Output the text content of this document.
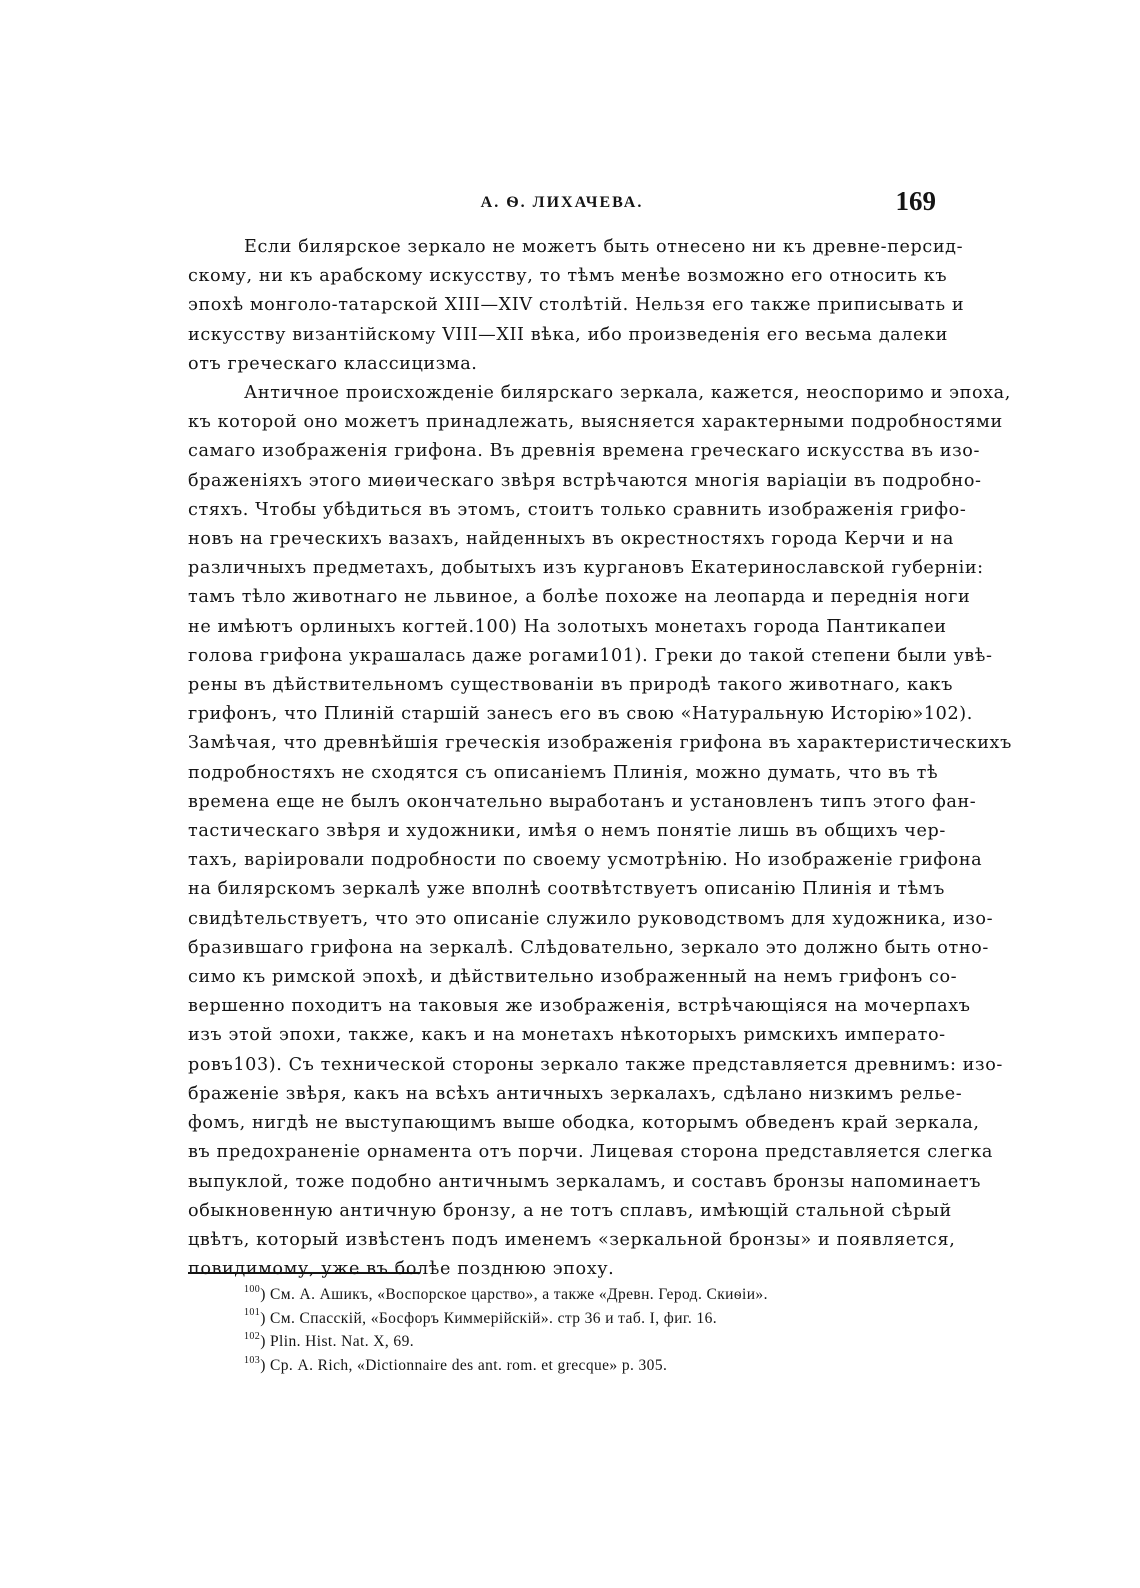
А. Ѳ. ЛИХАЧЕВА.	169
Если билярское зеркало не можетъ быть отнесено ни къ древне-персид-
скому, ни къ арабскому искусству, то тѣмъ менѣе возможно его относить къ
эпохѣ монголо-татарской XIII—XIV столѣтій. Нельзя его также приписывать и
искусству византійскому VIII—XII вѣка, ибо произведенія его весьма далеки
отъ греческаго классицизма.
Античное происхожденіе билярскаго зеркала, кажется, неоспоримо и эпоха,
къ которой оно можетъ принадлежать, выясняется характерными подробностями
самаго изображенія грифона. Въ древнія времена греческаго искусства въ изо-
браженіяхъ этого миѳическаго звѣря встрѣчаются многія варіаціи въ подробно-
стяхъ. Чтобы убѣдиться въ этомъ, стоитъ только сравнить изображенія грифо-
новъ на греческихъ вазахъ, найденныхъ въ окрестностяхъ города Керчи и на
различныхъ предметахъ, добытыхъ изъ кургановъ Екатеринославской губерніи:
тамъ тѣло животнаго не львиное, а болѣе похоже на леопарда и переднія ноги
не имѣютъ орлиныхъ когтей.100) На золотыхъ монетахъ города Пантикапеи
голова грифона украшалась даже рогами101). Греки до такой степени были увѣ-
рены въ дѣйствительномъ существованіи въ природѣ такого животнаго, какъ
грифонъ, что Плиній старшій занесъ его въ свою «Натуральную Исторію»102).
Замѣчая, что древнѣйшія греческія изображенія грифона въ характеристическихъ
подробностяхъ не сходятся съ описаніемъ Плинія, можно думать, что въ тѣ
времена еще не былъ окончательно выработанъ и установленъ типъ этого фан-
тастическаго звѣря и художники, имѣя о немъ понятіе лишь въ общихъ чер-
тахъ, варіировали подробности по своему усмотрѣнію. Но изображеніе грифона
на билярскомъ зеркалѣ уже вполнѣ соотвѣтствуетъ описанію Плинія и тѣмъ
свидѣтельствуетъ, что это описаніе служило руководствомъ для художника, изо-
бразившаго грифона на зеркалѣ. Слѣдовательно, зеркало это должно быть отно-
симо къ римской эпохѣ, и дѣйствительно изображенный на немъ грифонъ со-
вершенно походитъ на таковыя же изображенія, встрѣчающіяся на мочерпахъ
изъ этой эпохи, также, какъ и на монетахъ нѣкоторыхъ римскихъ императо-
ровъ103). Съ технической стороны зеркало также представляется древнимъ: изо-
браженіе звѣря, какъ на всѣхъ античныхъ зеркалахъ, сдѣлано низкимъ релье-
фомъ, нигдѣ не выступающимъ выше ободка, которымъ обведенъ край зеркала,
въ предохраненіе орнамента отъ порчи. Лицевая сторона представляется слегка
выпуклой, тоже подобно античнымъ зеркаламъ, и составъ бронзы напоминаетъ
обыкновенную античную бронзу, а не тотъ сплавъ, имѣющій стальной сѣрый
цвѣтъ, который извѣстенъ подъ именемъ «зеркальной бронзы» и появляется,
повидимому, уже въ болѣе позднюю эпоху.
$^{100}$) См. А. Ашикъ, «Воспорское царство», а также «Древн. Герод. Скиѳіи».
$^{101}$) См. Спасскій, «Босфоръ Киммерійскій». стр 36 и таб. I, фиг. 16.
$^{102}$) Plin. Hist. Nat. X, 69.
$^{103}$) Ср. A. Rich, «Dictionnaire des ant. rom. et grecque» p. 305.
